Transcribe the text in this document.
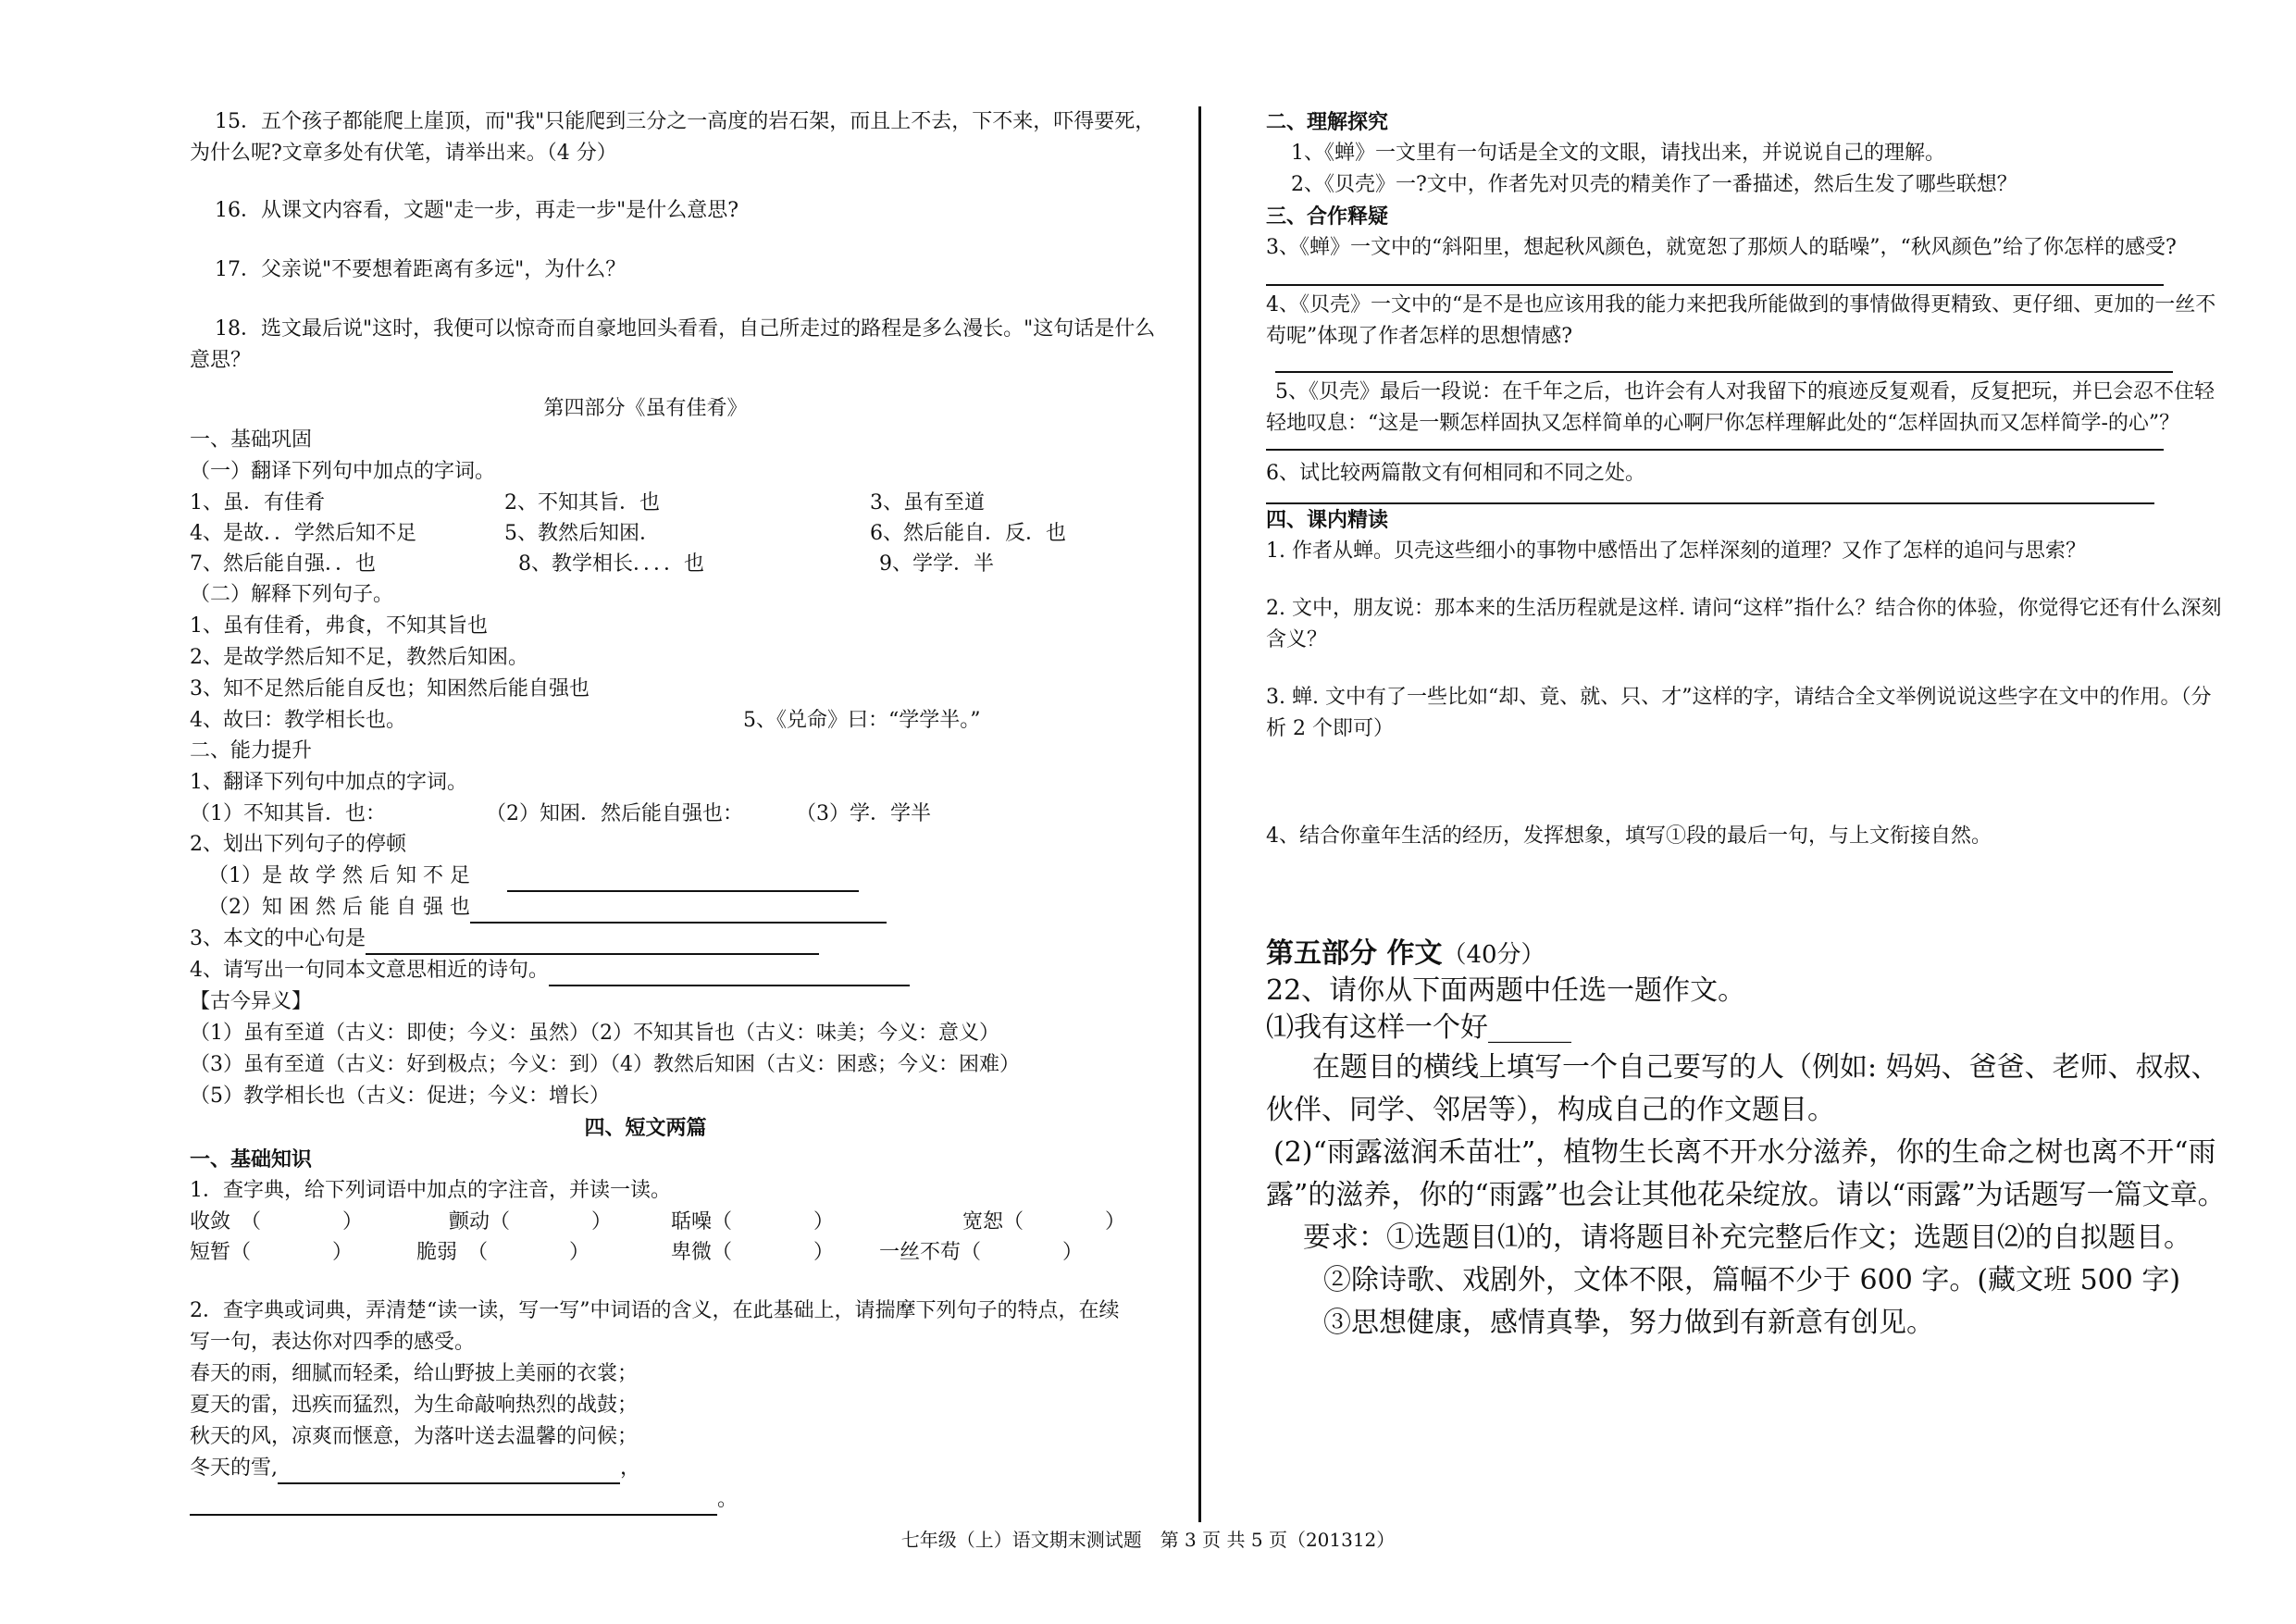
15．五个孩子都能爬上崖顶，而"我"只能爬到三分之一高度的岩石架，而且上不去，下不来，吓得要死，为什么呢?文章多处有伏笔，请举出来。（4 分）
16．从课文内容看，文题"走一步，再走一步"是什么意思?
17．父亲说"不要想着距离有多远"，为什么？
18．选文最后说"这时，我便可以惊奇而自豪地回头看看，自己所走过的路程是多么漫长。"这句话是什么意思？
第四部分《虽有佳肴》
一、基础巩固
（一）翻译下列句中加点的字词。
1、虽．有佳肴	2、不知其旨．也	3、虽有至道
4、是故．．学然后知不足	5、教然后知困．	6、然后能自．反．也
7、然后能自强．．也	8、教学相长．．．．也	9、学学．半
（二）解释下列句子。
1、虽有佳肴，弗食，不知其旨也
2、是故学然后知不足，教然后知困。
3、知不足然后能自反也；知困然后能自强也
4、故曰：教学相长也。	5、《兑命》曰：“学学半。”
二、能力提升
1、翻译下列句中加点的字词。
（1）不知其旨．也：	（2）知困．然后能自强也：	（3）学．学半
2、划出下列句子的停顿
（1）是 故 学 然 后 知 不 足
（2）知 困 然 后 能 自 强 也
3、本文的中心句是
4、请写出一句同本文意思相近的诗句。
【古今异义】
（1）虽有至道（古义：即使；今义：虽然）（2）不知其旨也（古义：味美；今义：意义）
（3）虽有至道（古义：好到极点；今义：到）（4）教然后知困（古义：困惑；今义：困难）
（5）教学相长也（古义：促进；今义：增长）
四、短文两篇
一、基础知识
1．查字典，给下列词语中加点的字注音，并读一读。
收敛　（　　　　）	颤动（　　　　）	聒噪（　　　　）	宽恕（　　　　）
短暂（　　　　）	脆弱　（　　　　）	卑微（　　　　） 一丝不苟（　　　　）
2．查字典或词典，弄清楚“读一读，写一写”中词语的含义，在此基础上，请揣摩下列句子的特点，在续写一句，表达你对四季的感受。
春天的雨，细腻而轻柔，给山野披上美丽的衣裳；
夏天的雷，迅疾而猛烈，为生命敲响热烈的战鼓；
秋天的风，凉爽而惬意，为落叶送去温馨的问候；
冬天的雪,	，
。
二、理解探究
1、《蝉》一文里有一句话是全文的文眼，请找出来，并说说自己的理解。
2、《贝壳》一?文中，作者先对贝壳的精美作了一番描述，然后生发了哪些联想？
三、合作释疑
3、《蝉》一文中的“斜阳里，想起秋风颜色，就宽恕了那烦人的聒噪”，“秋风颜色”给了你怎样的感受?
4、《贝壳》一文中的“是不是也应该用我的能力来把我所能做到的事情做得更精致、更仔细、更加的一丝不苟呢”体现了作者怎样的思想情感?
5、《贝壳》最后一段说：在千年之后，也许会有人对我留下的痕迹反复观看，反复把玩，并巳会忍不住轻轻地叹息：“这是一颗怎样固执又怎样简单的心啊尸你怎样理解此处的“怎样固执而又怎样简学-的心”？
6、试比较两篇散文有何相同和不同之处。
四、课内精读
1. 作者从蝉。贝壳这些细小的事物中感悟出了怎样深刻的道理？又作了怎样的追问与思索？
2. 文中，朋友说：那本来的生活历程就是这样. 请问“这样”指什么？结合你的体验，你觉得它还有什么深刻含义？
3. 蝉. 文中有了一些比如“却、竟、就、只、才”这样的字，请结合全文举例说说这些字在文中的作用。（分析 2 个即可）
4、结合你童年生活的经历，发挥想象，填写①段的最后一句，与上文衔接自然。
第五部分 作文（40分）
22、请你从下面两题中任选一题作文。
⑴我有这样一个好______
在题目的横线上填写一个自己要写的人（例如: 妈妈、爸爸、老师、叔叔、伙伴、同学、邻居等），构成自己的作文题目。
(2)“雨露滋润禾苗壮”，植物生长离不开水分滋养，你的生命之树也离不开“雨露”的滋养，你的“雨露”也会让其他花朵绽放。请以“雨露”为话题写一篇文章。
要求：①选题目⑴的，请将题目补充完整后作文；选题目⑵的自拟题目。
②除诗歌、戏剧外，文体不限，篇幅不少于 600 字。(藏文班 500 字)
③思想健康，感情真挚，努力做到有新意有创见。
七年级（上）语文期末测试题　第 3 页 共 5 页（201312）
